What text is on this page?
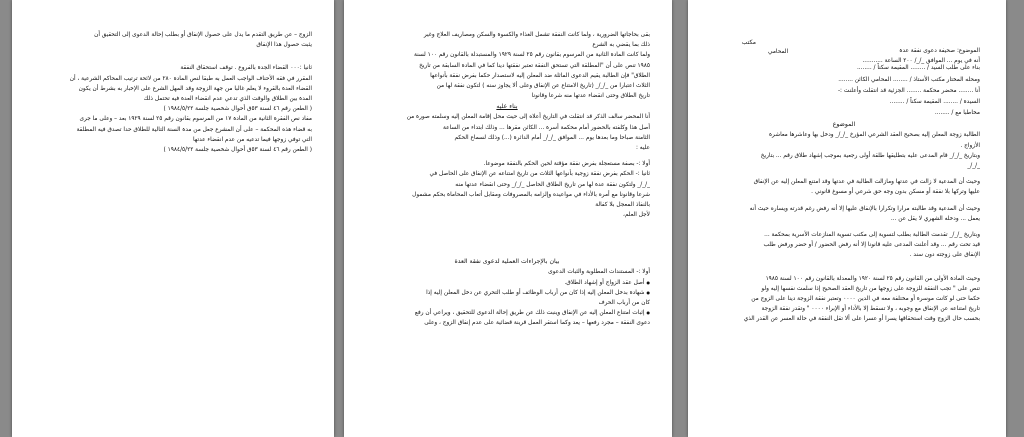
الزوج – عن طريق التقدم ما يدل على حصول الإنفاق أو بطلب إحالة الدعوى إلى التحقيق أن
يثبت حصول هذا الإنفاق
ثانيا :٠٠٠ القضاء الجدة بالفروع . توقف استحقاق النفقة
المقرر في فقه الأحناف الواجب العمل به طبقا لنص المادة ٢٨٠ من لائحة ترتيب المحاكم الشرعية ، أن
القضاء العدة بالقروء لا يعلم غالبا من جهة الزوجة وقد المهل الشرع على الإخبار به بشرط أن يكون
المدة بين الطلاق والوقت الذي تدعي عدم انقضاء العدة فيه تحتمل ذلك
( الطعن رقم ٤٦ لسنة ٥٣ق أحوال شخصية جلسة ١٩٨٤/٥/٢٢ )
مفاد نص الفقرة الثانية من المادة ١٧ من المرسوم بقانون رقم ٢٥ لسنة ١٩٢٩ بعد – وعلى ما جرى
به قضاء هذه المحكمة – على أن المشرع جعل من مدة السنة التالية للطلاق حدا تصدق فيه المطلقة
التي توفي زوجها فيما تدعيه من عدم انقضاء عدتها
( الطعن رقم ٤٦ لسنة ٥٣ق أحوال شخصية جلسة ١٩٨٤/٥/٢٢ )
بقى بحاجاتها الضرورية ، ولما كانت النفقة تشمل الغذاء والكسوة والسكن ومصاريف العلاج وغير
ذلك بما يقضي به الشرع
ولما كانت المادة الثانية من المرسوم بقانون رقم ٢٥ لسنة ١٩٢٩ والمستبدلة بالقانون رقم ١٠٠ لسنة
١٩٨٥ تنص على أن "المطلقة التي تستحق النفقة تعتبر نفقتها دينا كما في المادة السابقة من تاريخ
الطلاق" فإن الطالبة يقيم الدعوى الماثلة ضد المعلن إليه لاستصدار حكما بفرض نفقة بأنواعها
الثلاث اعتبارا من _/_/_ (تاريخ الامتناع عن الإنفاق وعلى ألا يجاوز سنه ) لتكون نفقة لها من
تاريخ الطلاق وحتى انقضاء عدتها منه شرعا وقانونا
بناء عليه
أنا المحضر سالف الذكر قد انتقلت في التاريخ أعلاه إلى حيث محل إقامة المعلن إليه وسلمته صورة من
أصل هذا وكلفته بالحضور أمام محكمة أسرة ... الكائن مقرها ... وذلك ابتداء من الساعة
الثامنة صباحا وما بعدها يوم ... الموافق _/_/_ أمام الدائرة (...) وذلك لسماع الحكم
عليه :
أولا :- بصفة مستعجلة بفرض نفقة مؤقتة لحين الحكم بالنفقة موضوعا.
ثانيا :- الحكم بفرض نفقة زوجية بأنواعها الثلاث من تاريخ امتناعه عن الإنفاق على الحاصل في
_/_/_ ولتكون نفقة عدة لها من تاريخ الطلاق الحاصل _/_/_ وحتى انقضاء عدتها منه
شرعا وقانونا مع أمره بالأداء في مواعيده وإلزامه بالمصروفات ومقابل أتعاب المحاماة بحكم مشمول
بالنفاذ المعجل بلا كفالة
لأجل العلم،
بيان بالإجراءات العملية لدعوى نفقة العدة
أولا :- المستندات المطلوبة والثبات الدعوى
● أصل عقد الزواج أو إشهاد الطلاق.
● شهادة بدخل المعلن إليه إذا كان من أرباب الوظائف أو طلب التحري عن دخل المعلن إليه إذا
كان من أرباب الحرف
● إثبات امتناع المعلن إليه عن الإنفاق وينبت ذلك عن طريق إحالة الدعوى للتحقيق ، ويراعي أن رفع
دعوى النفقة – مجرد رفعها – يعد وكما استقر العمل قرينة قضائية على عدم إنفاق الزوج ، وعلى
مكتب
الموضوع: صحيفة دعوى نفقة عدة
أنه في يوم ... الموافق _/_/ ٢٠٠ الساعة ...........
المحامي
بناء على طلب السيد / ........ المقيمة سكناً / ........
ومحله المختار مكتب الأستاذ / ........ المحامي الكائن ........
أنا ........ محضر محكمة ........ الجزئية قد انتقلت وأعلنت :-
السيدة / ........ المقيمة سكناً / ........
مخاطبا مع / ........
الموضوع
الطالبة زوجة المعلن إليه بصحيح العقد الشرعي المؤرخ _/_/_ ودخل بها وعاشرها معاشرة
الأزواج .
وبتاريخ _/_/_ قام المدعى عليه بتطليقها طلقة أولى رجعية بموجب إشهاد طلاق رقم ... بتاريخ
_/_/_
وحيث أن المدعية لا زالت في عدتها ومازالت الطالبة في عدتها وقد امتنع المعلن إليه عن الإنفاق
عليها وتركها بلا نفقة أو مسكن بدون وجه حق شرعي أو مسوغ قانوني .
وحيث أن المدعية وقد طالبته مرارا وتكرارا بالإنفاق عليها إلا أنه رفض رغم قدرته ويساره حيث أنه
يعمل ... ودخله الشهري لا يقل عن ...
وبتاريخ _/_/_ تقدمت الطالبة بطلب لتسوية إلى مكتب تسوية المنازعات الأسرية بمحكمة ...
قيد تحت رقم ... وقد أعلنت المدعى عليه قانونا إلا أنه رفض الحضور / أو حضر ورفض طلب
الإنفاق على زوجته دون سند .
وحيث المادة الأولى من القانون رقم ٢٥ لسنة ١٩٢٠ والمعدلة بالقانون رقم ١٠٠ لسنة ١٩٨٥
تنص على " تجب النفقة للزوجة على زوجها من تاريخ العقد الصحيح إذا سلمت نفسها إليه ولو
حكما حتى لو كانت موسرة أو مختلفة معه في الدين ٠٠٠٠ وتعتبر نفقة الزوجة دينا على الزوج من
تاريخ امتناعه عن الإنفاق مع وجوبه ، ولا تسقط إلا بالأداء أو الإبراء ٠٠٠٠ " وتقدر نفقة الزوجة
بحسب حال الزوج وقت استحقاقها يسرا أو عسرا على ألا تقل النفقة في حالة العسر عن القدر الذي
